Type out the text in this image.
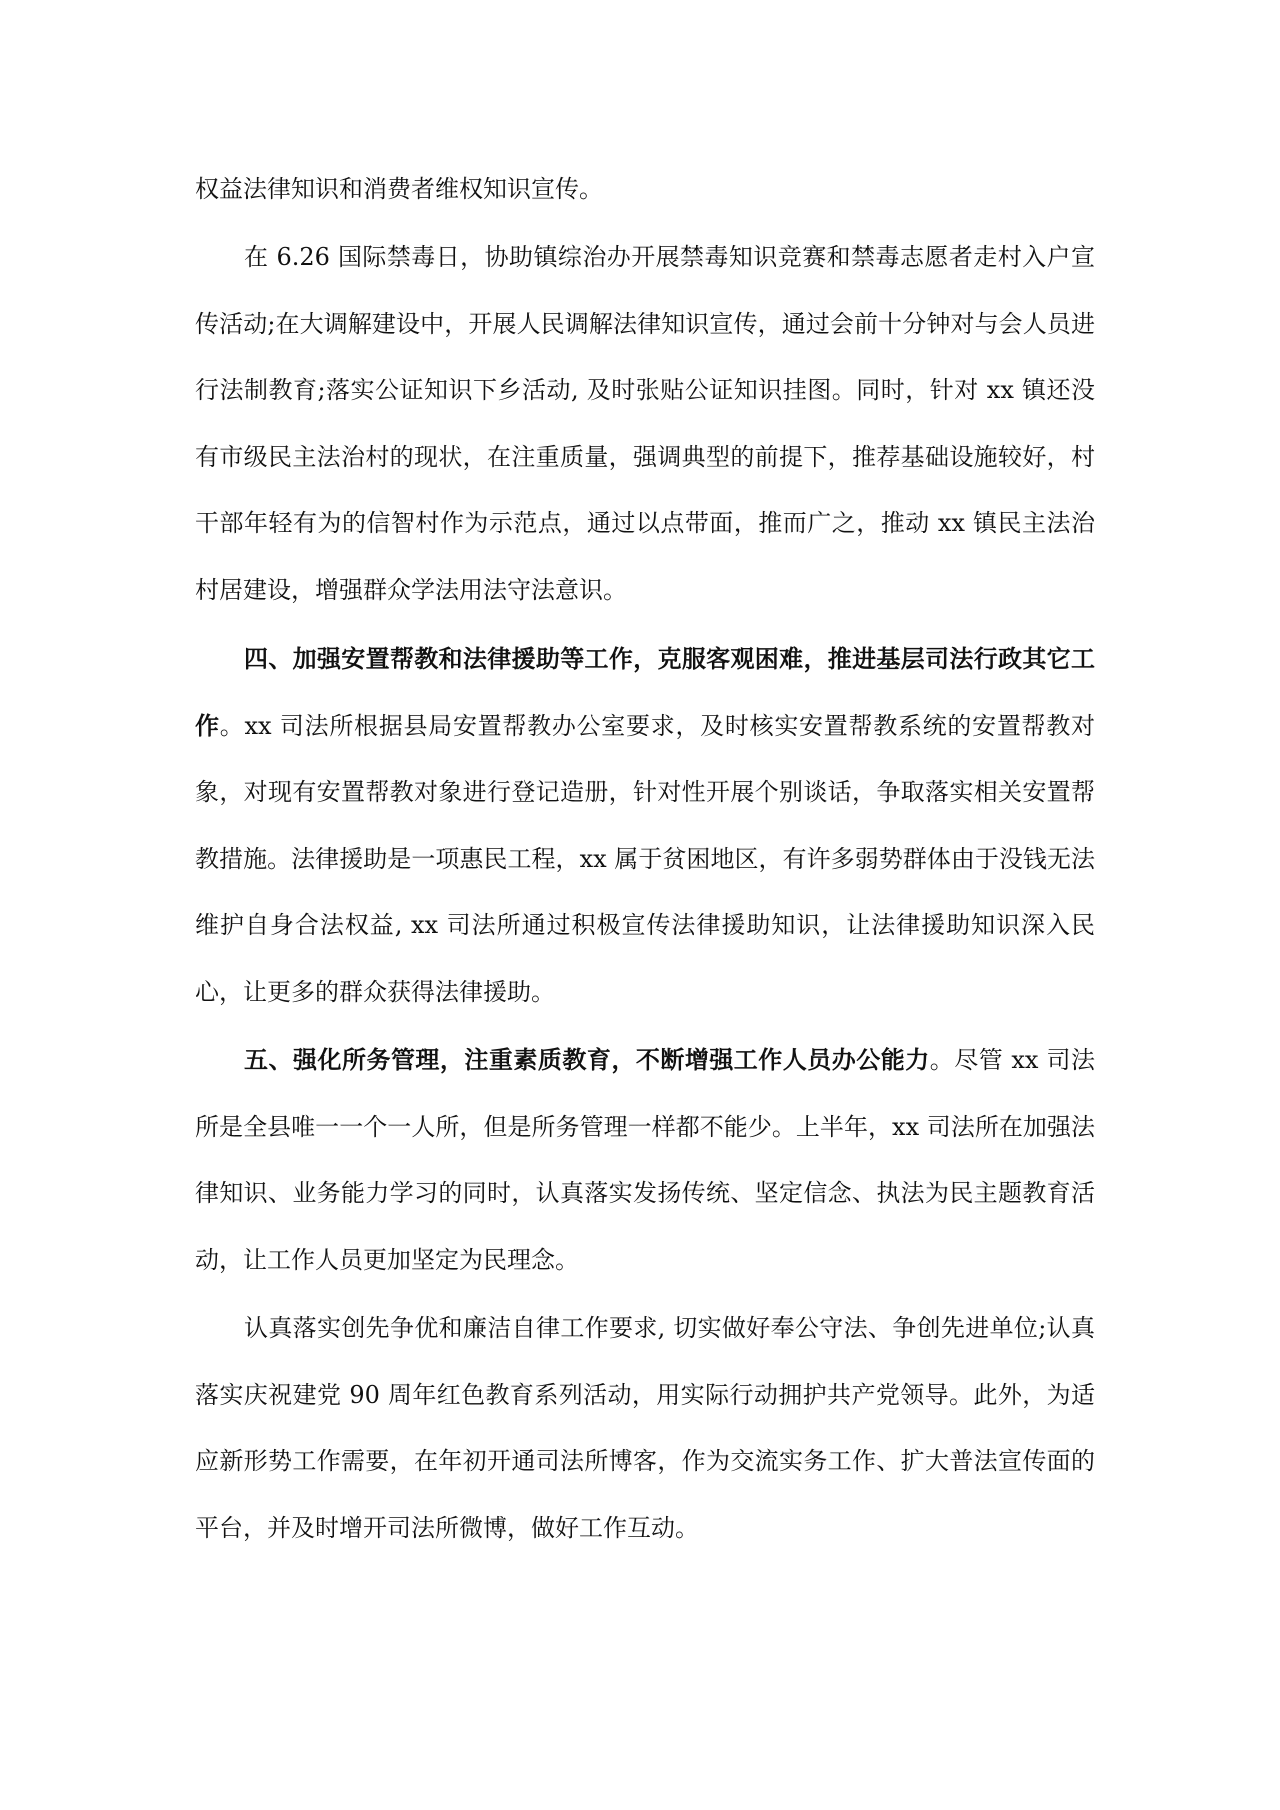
权益法律知识和消费者维权知识宣传。

在 6.26 国际禁毒日，协助镇综治办开展禁毒知识竞赛和禁毒志愿者走村入户宣传活动;在大调解建设中，开展人民调解法律知识宣传，通过会前十分钟对与会人员进行法制教育;落实公证知识下乡活动, 及时张贴公证知识挂图。同时，针对 xx 镇还没有市级民主法治村的现状，在注重质量，强调典型的前提下，推荐基础设施较好，村干部年轻有为的信智村作为示范点，通过以点带面，推而广之，推动 xx 镇民主法治村居建设，增强群众学法用法守法意识。

四、加强安置帮教和法律援助等工作，克服客观困难，推进基层司法行政其它工作。xx 司法所根据县局安置帮教办公室要求，及时核实安置帮教系统的安置帮教对象，对现有安置帮教对象进行登记造册，针对性开展个别谈话，争取落实相关安置帮教措施。法律援助是一项惠民工程，xx 属于贫困地区，有许多弱势群体由于没钱无法维护自身合法权益, xx 司法所通过积极宣传法律援助知识，让法律援助知识深入民心，让更多的群众获得法律援助。

五、强化所务管理，注重素质教育，不断增强工作人员办公能力。尽管 xx 司法所是全县唯一一个一人所，但是所务管理一样都不能少。上半年，xx 司法所在加强法律知识、业务能力学习的同时，认真落实发扬传统、坚定信念、执法为民主题教育活动，让工作人员更加坚定为民理念。

认真落实创先争优和廉洁自律工作要求, 切实做好奉公守法、争创先进单位;认真落实庆祝建党 90 周年红色教育系列活动，用实际行动拥护共产党领导。此外，为适应新形势工作需要，在年初开通司法所博客，作为交流实务工作、扩大普法宣传面的平台，并及时增开司法所微博，做好工作互动。
